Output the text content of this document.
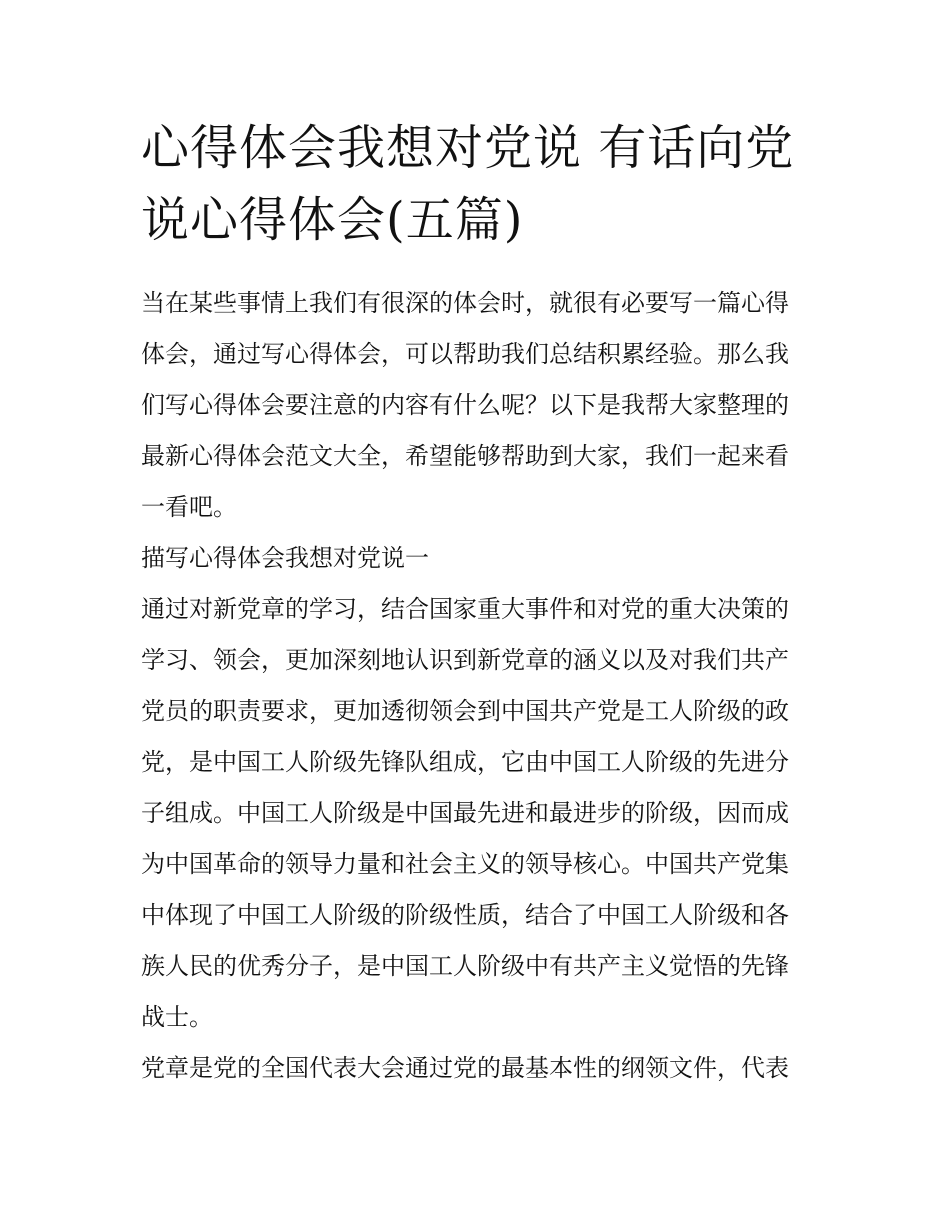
心得体会我想对党说 有话向党
说心得体会(五篇)

当在某些事情上我们有很深的体会时，就很有必要写一篇心得
体会，通过写心得体会，可以帮助我们总结积累经验。那么我
们写心得体会要注意的内容有什么呢？以下是我帮大家整理的
最新心得体会范文大全，希望能够帮助到大家，我们一起来看
一看吧。

描写心得体会我想对党说一

通过对新党章的学习，结合国家重大事件和对党的重大决策的
学习、领会，更加深刻地认识到新党章的涵义以及对我们共产
党员的职责要求，更加透彻领会到中国共产党是工人阶级的政
党，是中国工人阶级先锋队组成，它由中国工人阶级的先进分
子组成。中国工人阶级是中国最先进和最进步的阶级，因而成
为中国革命的领导力量和社会主义的领导核心。中国共产党集
中体现了中国工人阶级的阶级性质，结合了中国工人阶级和各
族人民的优秀分子，是中国工人阶级中有共产主义觉悟的先锋
战士。

党章是党的全国代表大会通过党的最基本性的纲领文件，代表
